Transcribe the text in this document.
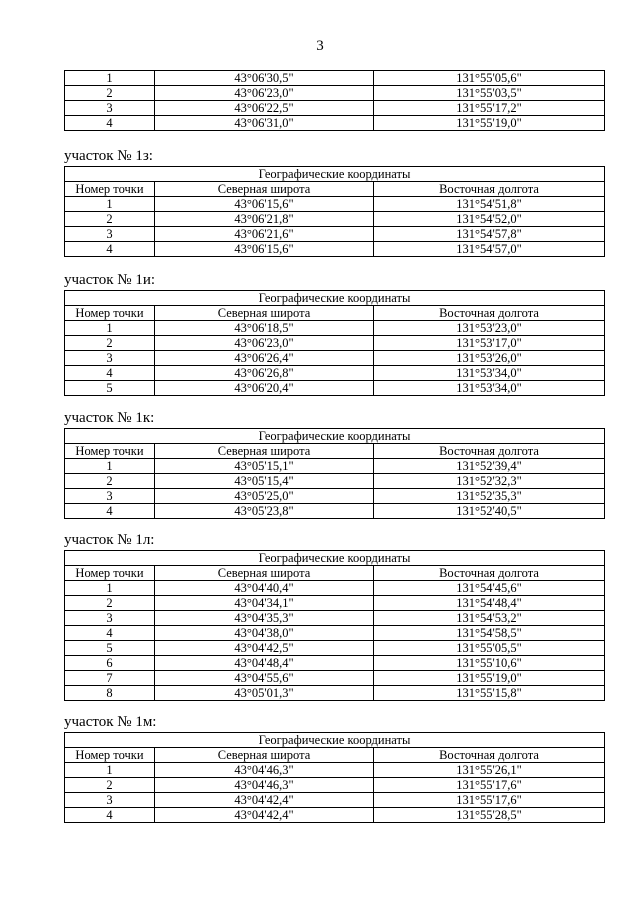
3
1	43°06'30,5"	131°55'05,6"
2	43°06'23,0"	131°55'03,5"
3	43°06'22,5"	131°55'17,2"
4	43°06'31,0"	131°55'19,0"
участок № 1з:
Географические координаты		
Номер точки	Северная широта	Восточная долгота
1	43°06'15,6"	131°54'51,8"
2	43°06'21,8"	131°54'52,0"
3	43°06'21,6"	131°54'57,8"
4	43°06'15,6"	131°54'57,0"
участок № 1и:
Географические координаты		
Номер точки	Северная широта	Восточная долгота
1	43°06'18,5"	131°53'23,0"
2	43°06'23,0"	131°53'17,0"
3	43°06'26,4"	131°53'26,0"
4	43°06'26,8"	131°53'34,0"
5	43°06'20,4"	131°53'34,0"
участок № 1к:
Географические координаты		
Номер точки	Северная широта	Восточная долгота
1	43°05'15,1"	131°52'39,4"
2	43°05'15,4"	131°52'32,3"
3	43°05'25,0"	131°52'35,3"
4	43°05'23,8"	131°52'40,5"
участок № 1л:
Географические координаты		
Номер точки	Северная широта	Восточная долгота
1	43°04'40,4"	131°54'45,6"
2	43°04'34,1"	131°54'48,4"
3	43°04'35,3"	131°54'53,2"
4	43°04'38,0"	131°54'58,5"
5	43°04'42,5"	131°55'05,5"
6	43°04'48,4"	131°55'10,6"
7	43°04'55,6"	131°55'19,0"
8	43°05'01,3"	131°55'15,8"
участок № 1м:
Географические координаты		
Номер точки	Северная широта	Восточная долгота
1	43°04'46,3"	131°55'26,1"
2	43°04'46,3"	131°55'17,6"
3	43°04'42,4"	131°55'17,6"
4	43°04'42,4"	131°55'28,5"
